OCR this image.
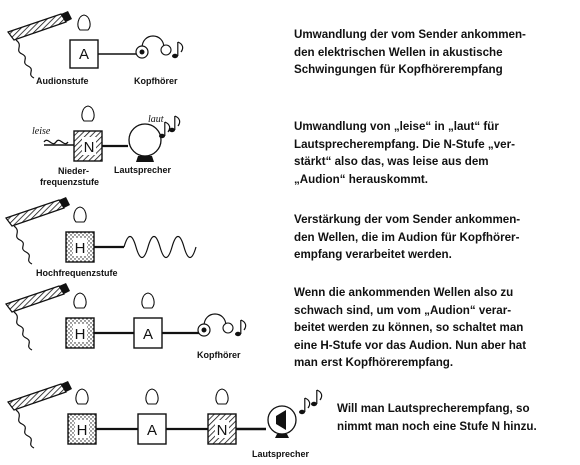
A
Audionstufe	Kopfhörer
leise
N
laut
Nieder-
frequenzstufe
Lautsprecher
H
Hochfrequenzstufe
H	A
Kopfhörer
H	A	N
Lautsprecher

Umwandlung der vom Sender ankommen-

den elektrischen Wellen in akustische

Schwingungen für Kopfhörerempfang

Umwandlung von „leise“ in „laut“ für

Lautsprecherempfang. Die N-Stufe „ver-

stärkt“ also das, was leise aus dem

„Audion“ herauskommt.

Verstärkung der vom Sender ankommen-

den Wellen, die im Audion für Kopfhörer-

empfang verarbeitet werden.

Wenn die ankommenden Wellen also zu

schwach sind, um vom „Audion“ verar-

beitet werden zu können, so schaltet man

eine H-Stufe vor das Audion. Nun aber hat

man erst Kopfhörerempfang.

Will man Lautsprecherempfang, so

nimmt man noch eine Stufe N hinzu.
